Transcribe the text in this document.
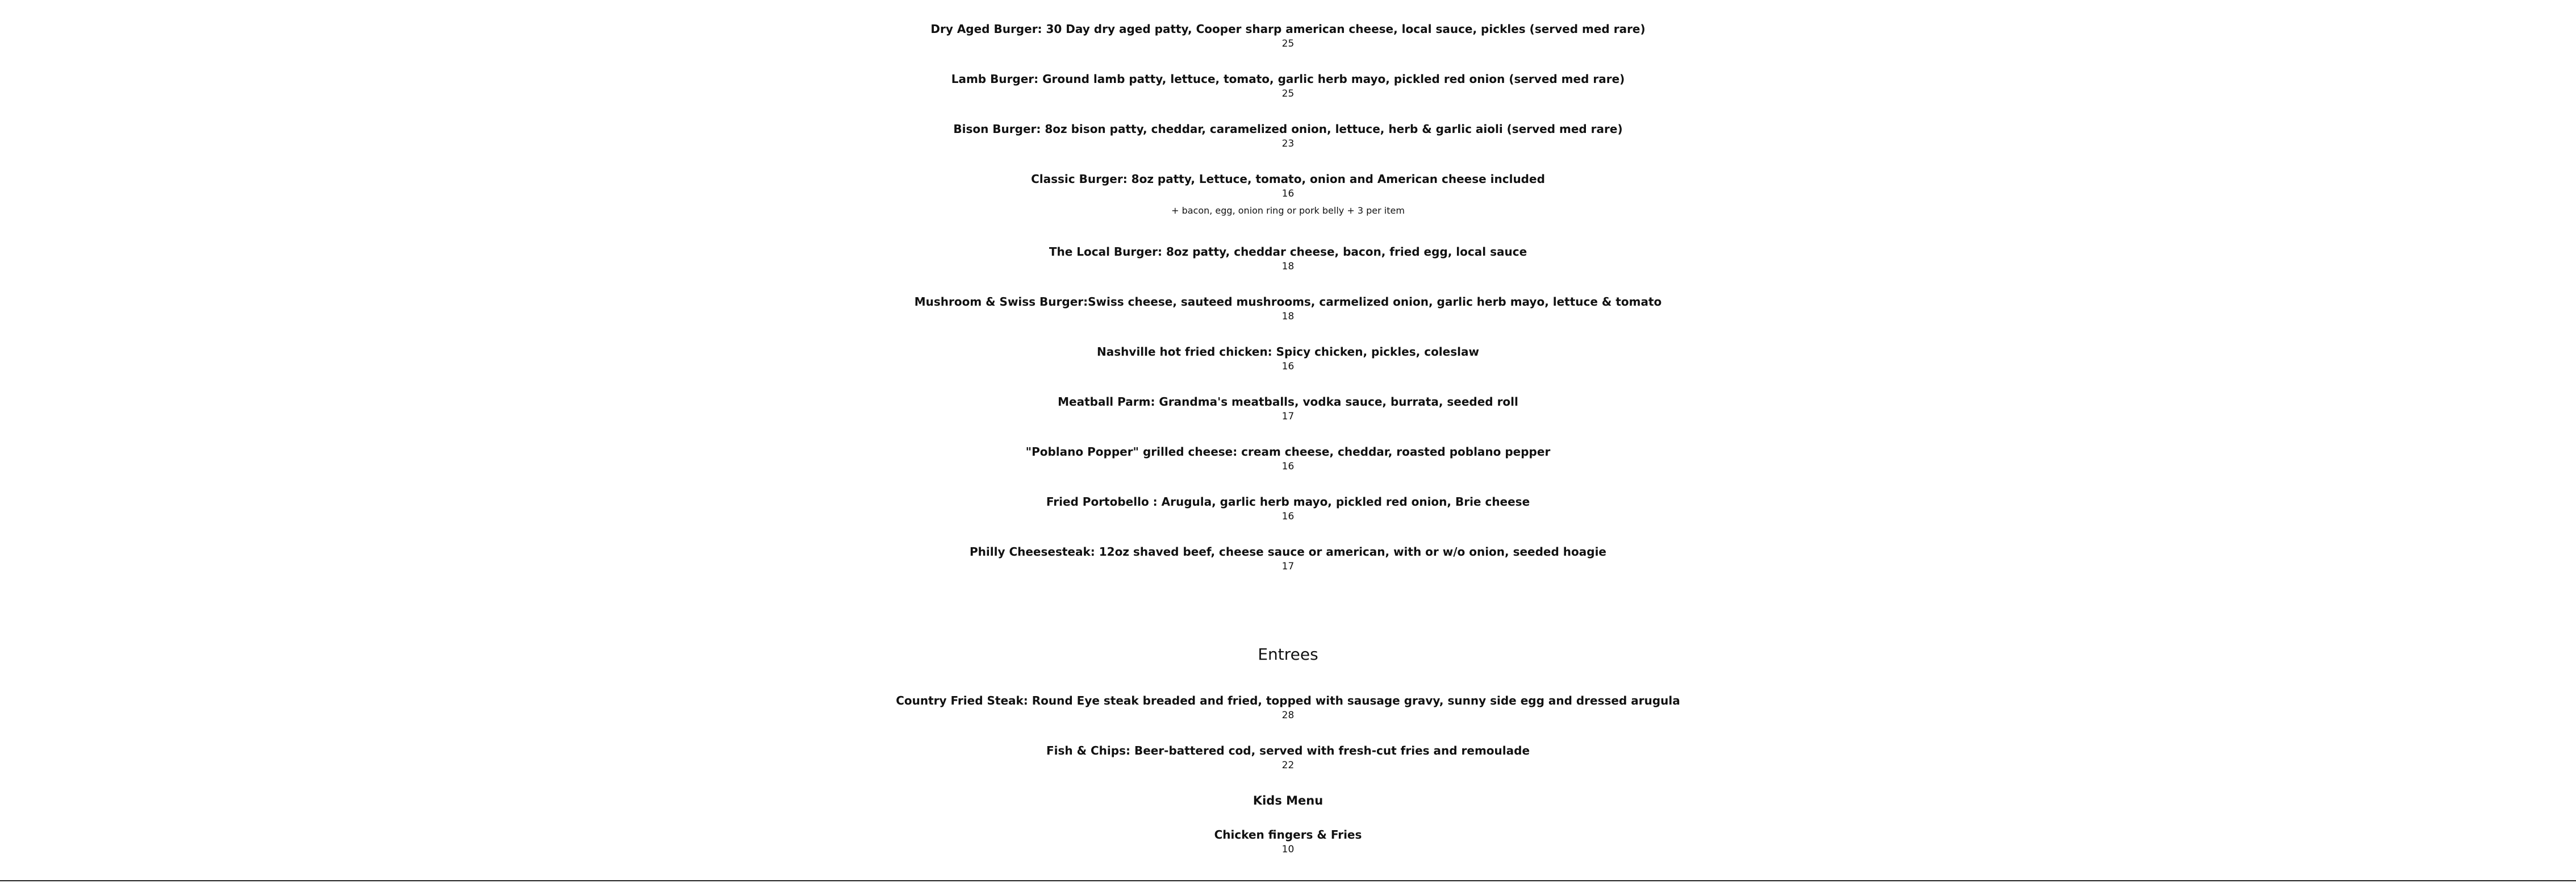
Dry Aged Burger: 30 Day dry aged patty, Cooper sharp american cheese, local sauce, pickles (served med rare)
25
Lamb Burger: Ground lamb patty, lettuce, tomato, garlic herb mayo, pickled red onion (served med rare)
25
Bison Burger: 8oz bison patty, cheddar, caramelized onion, lettuce, herb & garlic aioli (served med rare)
23
Classic Burger: 8oz patty, Lettuce, tomato, onion and American cheese included
16
+ bacon, egg, onion ring or pork belly + 3 per item
The Local Burger: 8oz patty, cheddar cheese, bacon, fried egg, local sauce
18
Mushroom & Swiss Burger:Swiss cheese, sauteed mushrooms, carmelized onion, garlic herb mayo, lettuce & tomato
18
Nashville hot fried chicken: Spicy chicken, pickles, coleslaw
16
Meatball Parm: Grandma's meatballs, vodka sauce, burrata, seeded roll
17
"Poblano Popper" grilled cheese: cream cheese, cheddar, roasted poblano pepper
16
Fried Portobello : Arugula, garlic herb mayo, pickled red onion, Brie cheese
16
Philly Cheesesteak: 12oz shaved beef, cheese sauce or american, with or w/o onion, seeded hoagie
17
Entrees
Country Fried Steak: Round Eye steak breaded and fried, topped with sausage gravy, sunny side egg and dressed arugula
28
Fish & Chips: Beer-battered cod, served with fresh-cut fries and remoulade
22
Kids Menu
Chicken fingers & Fries
10
